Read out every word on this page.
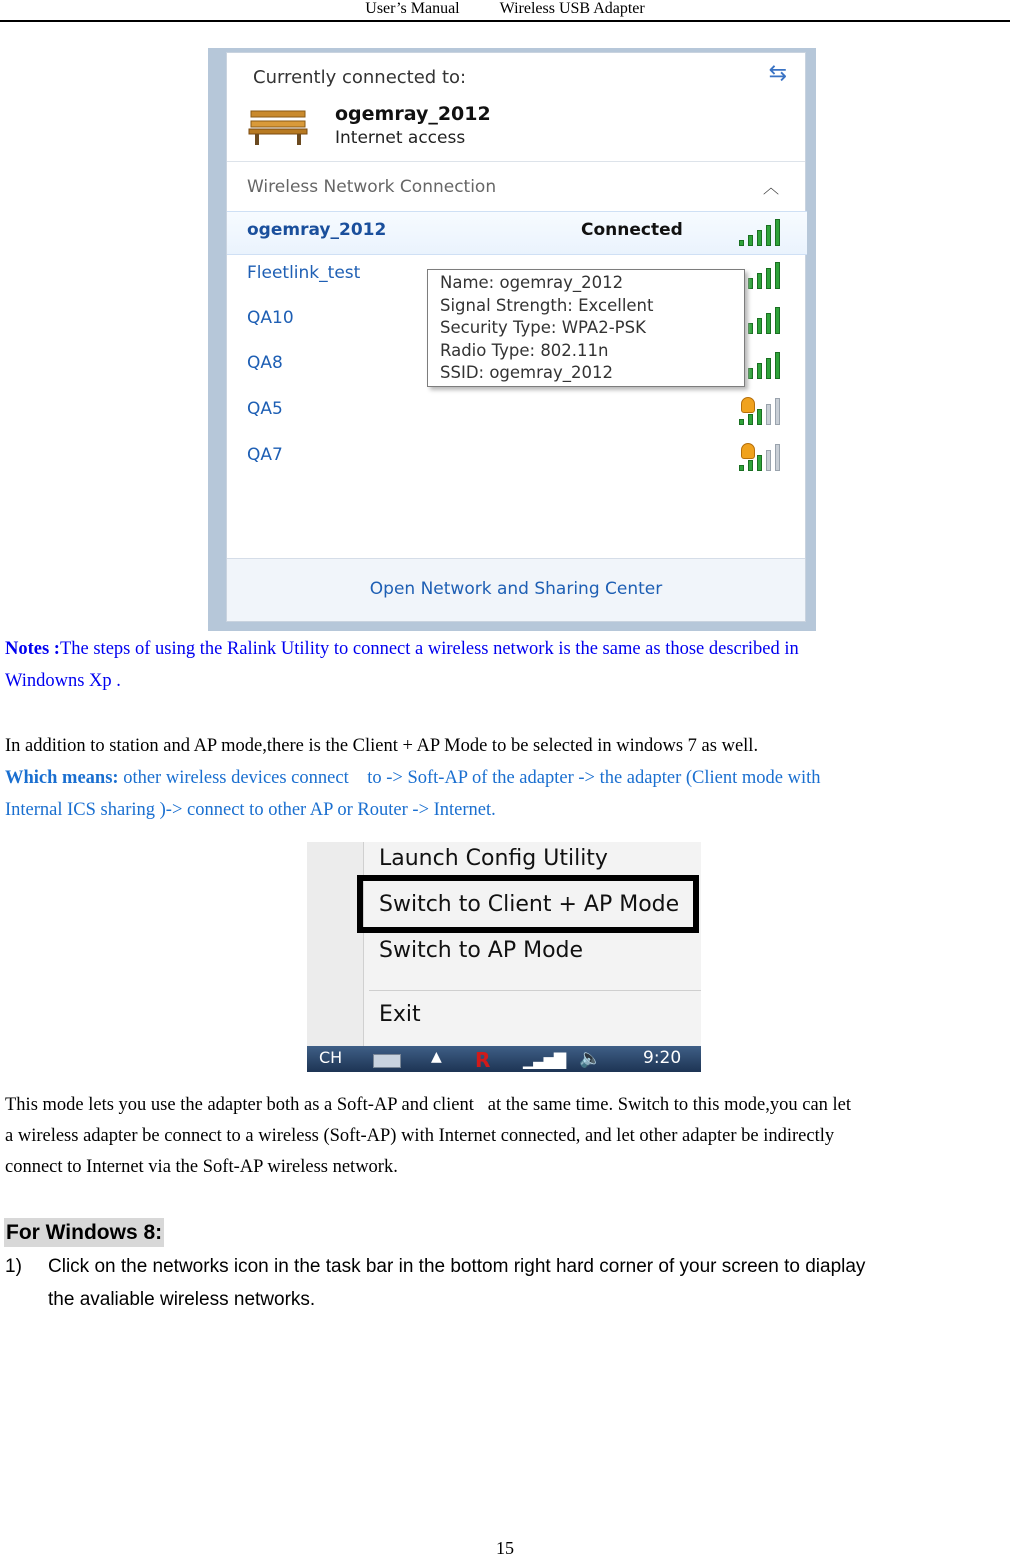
User’s Manual	Wireless USB Adapter
Currently connected to:	⇆
ogemray_2012
Internet access
Wireless Network Connection	︿
ogemray_2012	Connected
Fleetlink_test
QA10
QA8
QA5
QA7
Name: ogemray_2012
Signal Strength: Excellent
Security Type: WPA2-PSK
Radio Type: 802.11n
SSID: ogemray_2012
Open Network and Sharing Center
Notes :The steps of using the Ralink Utility to connect a wireless network is the same as those described in
Windowns Xp .
In addition to station and AP mode,there is the Client + AP Mode to be selected in windows 7 as well.
Which means: other wireless devices connect    to -> Soft-AP of the adapter -> the adapter (Client mode with
Internal ICS sharing )-> connect to other AP or Router -> Internet.
Launch Config Utility
Switch to Client + AP Mode
Switch to AP Mode
Exit
CH	▲ R	▁▃▅▇ 🔈 9:20
This mode lets you use the adapter both as a Soft-AP and client   at the same time. Switch to this mode,you can let
a wireless adapter be connect to a wireless (Soft-AP) with Internet connected, and let other adapter be indirectly
connect to Internet via the Soft-AP wireless network.
For Windows 8:
1) Click on the networks icon in the task bar in the bottom right hard corner of your screen to diaplay
the avaliable wireless networks.
15
